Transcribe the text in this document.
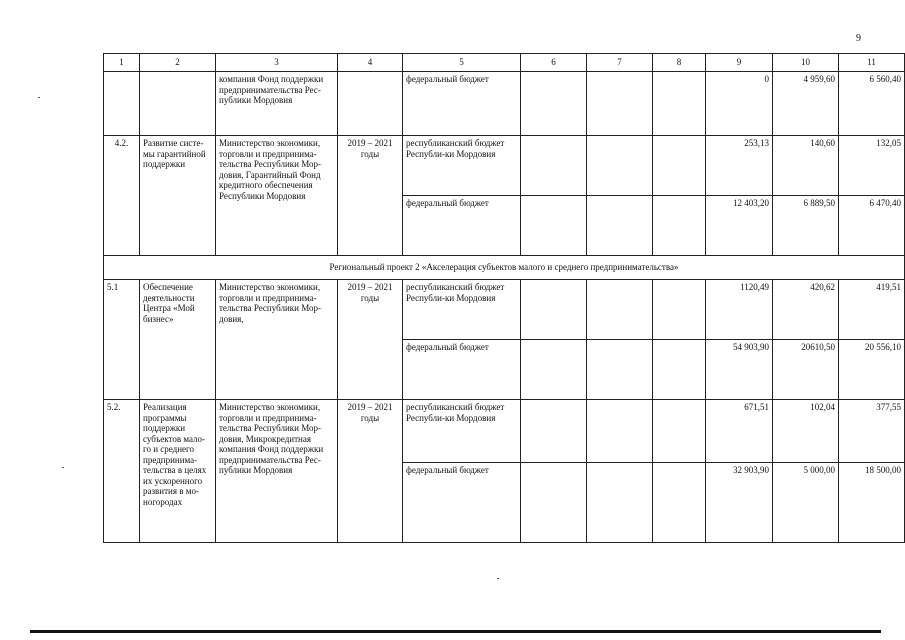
9
1	2	3	4	5	6	7	8	9	10	11
		компания Фонд поддержки предпринимательства Рес-публики Мордовия		федеральный бюджет				0	4 959,60	6 560,40
4.2.	Развитие систе-мы гарантийной поддержки	Министерство экономики, торговли и предпринима-тельства Республики Мор-довия, Гарантийный Фонд кредитного обеспечения Республики Мордовия	2019 – 2021 годы	республиканский бюджет Республи-ки Мордовия				253,13	140,60	132,05
				федеральный бюджет				12 403,20	6 889,50	6 470,40
Региональный проект 2 «Акселерация субъектов малого и среднего предпринимательства»										
5.1	Обеспечение деятельности Центра «Мой бизнес»	Министерство экономики, торговли и предпринима-тельства Республики Мор-довия,	2019 – 2021 годы	республиканский бюджет Республи-ки Мордовия				1120,49	420,62	419,51
				федеральный бюджет				54 903,90	20610,50	20 556,10
5.2.	Реализация программы поддержки субъектов мало-го и среднего предпринима-тельства в целях их ускоренного развития в мо-ногородах	Министерство экономики, торговли и предпринима-тельства Республики Мор-довия, Микрокредитная компания Фонд поддержки предпринимательства Рес-публики Мордовия	2019 – 2021 годы	республиканский бюджет Республи-ки Мордовия				671,51	102,04	377,55
				федеральный бюджет				32 903,90	5 000,00	18 500,00
